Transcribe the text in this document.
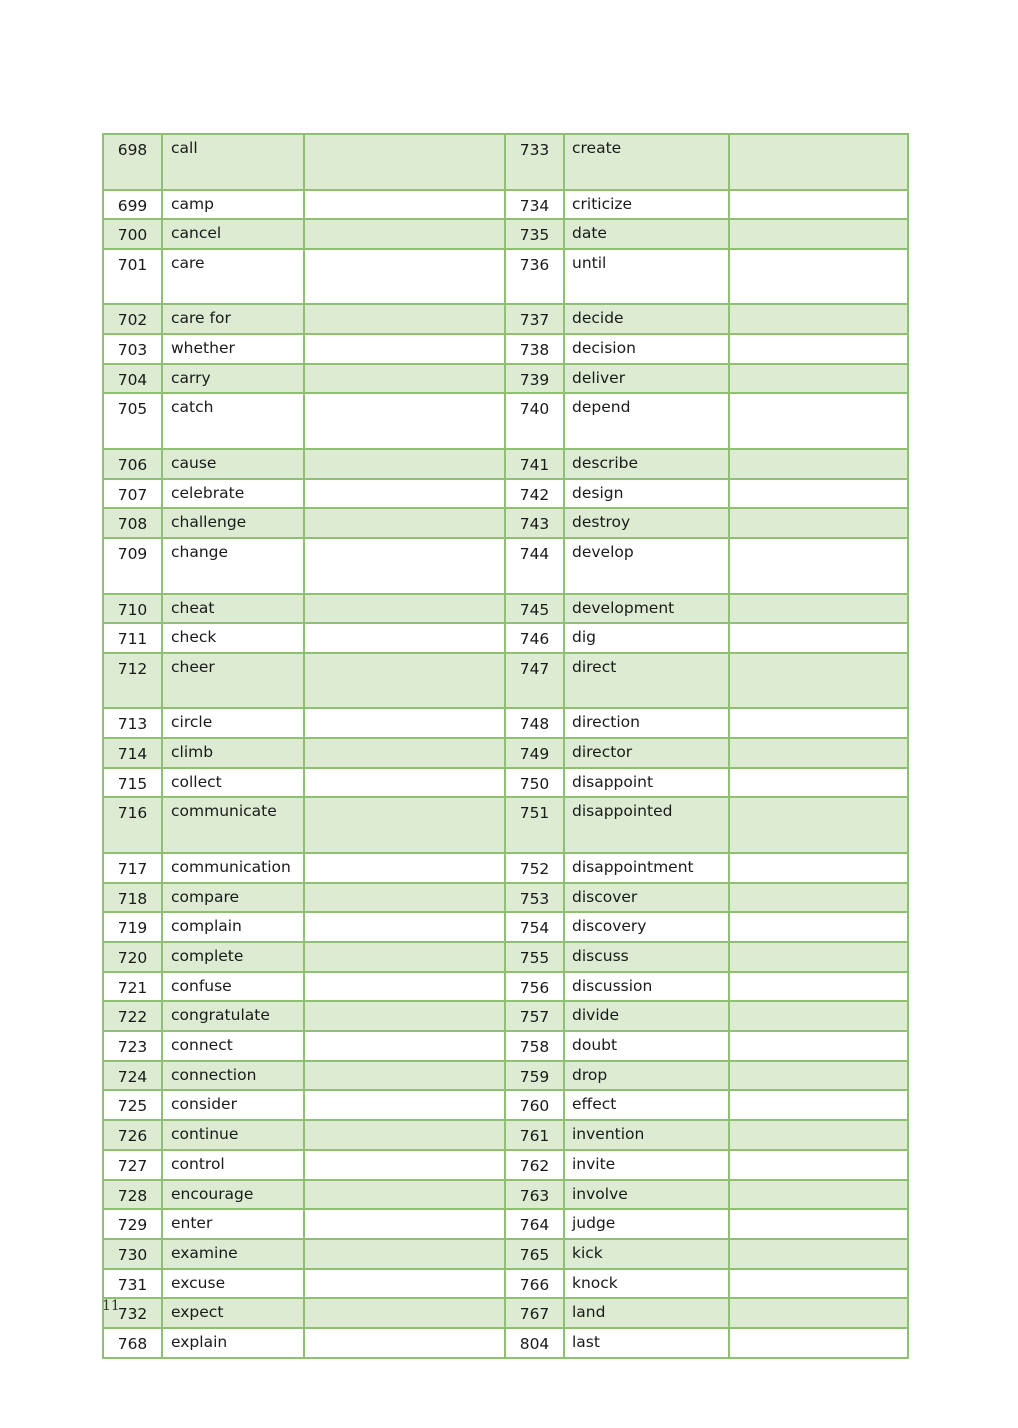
698	call		733	create	
699	camp		734	criticize	
700	cancel		735	date	
701	care		736	until	
702	care for		737	decide	
703	whether		738	decision	
704	carry		739	deliver	
705	catch		740	depend	
706	cause		741	describe	
707	celebrate		742	design	
708	challenge		743	destroy	
709	change		744	develop	
710	cheat		745	development	
711	check		746	dig	
712	cheer		747	direct	
713	circle		748	direction	
714	climb		749	director	
715	collect		750	disappoint	
716	communicate		751	disappointed	
717	communication		752	disappointment	
718	compare		753	discover	
719	complain		754	discovery	
720	complete		755	discuss	
721	confuse		756	discussion	
722	congratulate		757	divide	
723	connect		758	doubt	
724	connection		759	drop	
725	consider		760	effect	
726	continue		761	invention	
727	control		762	invite	
728	encourage		763	involve	
729	enter		764	judge	
730	examine		765	kick	
731	excuse		766	knock	
732	expect		767	land	
768	explain		804	last	
11
